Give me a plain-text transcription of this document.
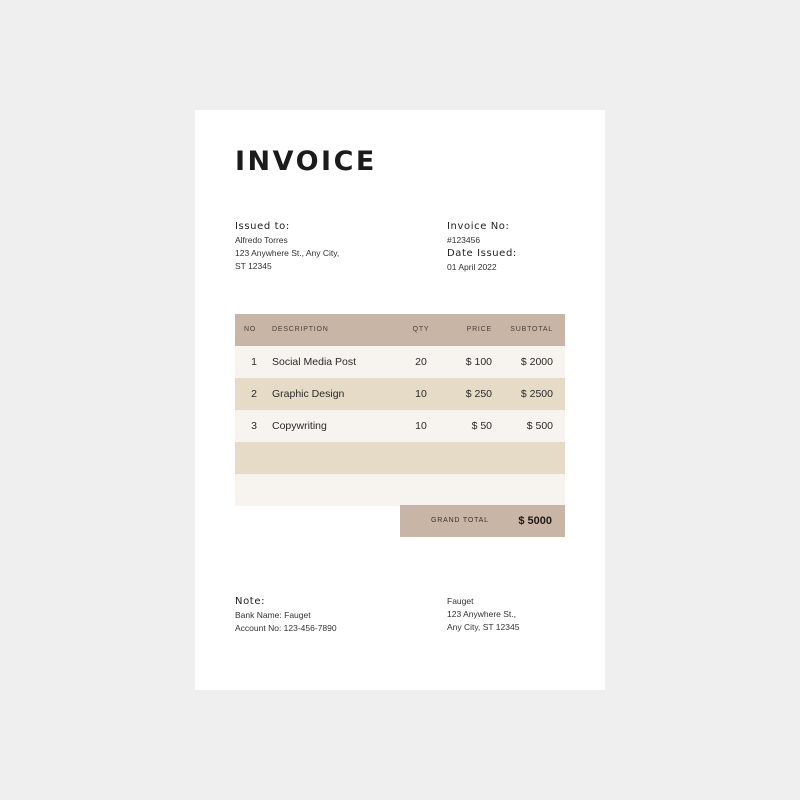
INVOICE
Issued to:
Alfredo Torres
123 Anywhere St., Any City,
ST 12345
Invoice No:
#123456
Date Issued:
01 April 2022
NO	DESCRIPTION	QTY	PRICE	SUBTOTAL
1 Social Media Post	20	$ 100	$ 2000
2 Graphic Design	10	$ 250	$ 2500
3 Copywriting	10	$ 50	$ 500
GRAND TOTAL	$ 5000
Note:
Bank Name: Fauget
Account No: 123-456-7890
Fauget
123 Anywhere St.,
Any City, ST 12345
